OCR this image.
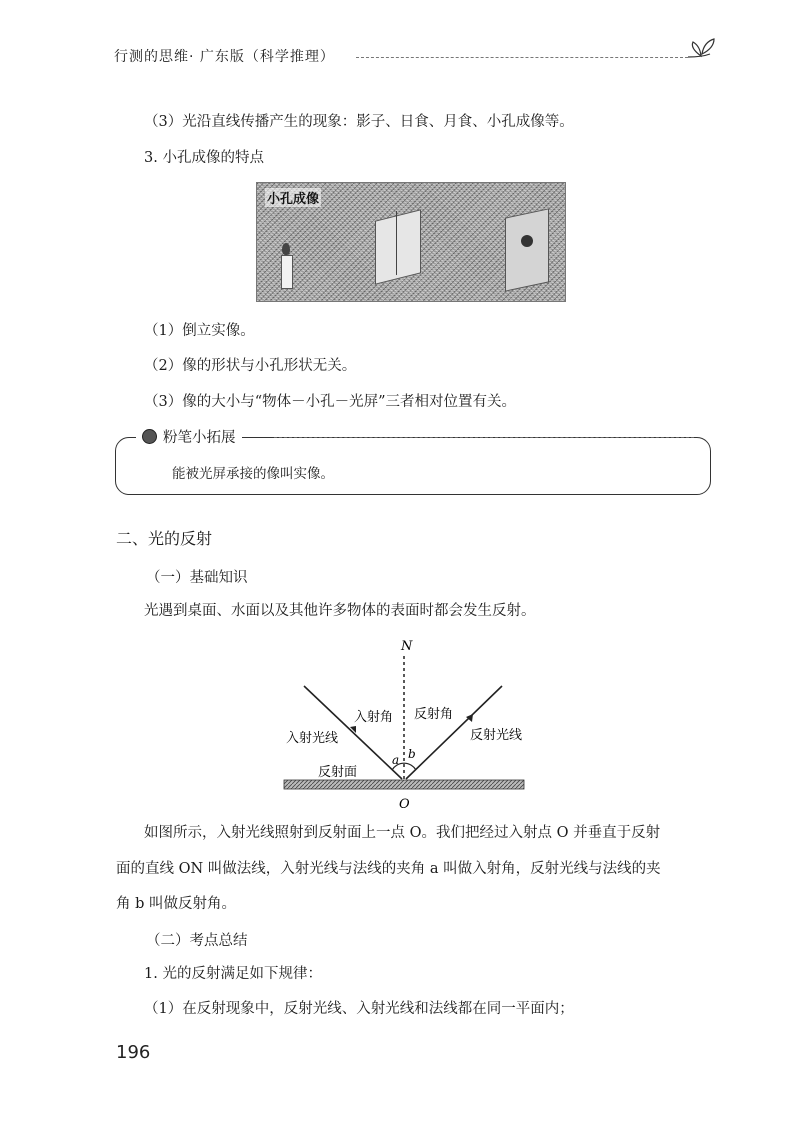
行测的思维· 广东版（科学推理）
（3）光沿直线传播产生的现象：影子、日食、月食、小孔成像等。
3. 小孔成像的特点
小孔成像
（1）倒立实像。
（2）像的形状与小孔形状无关。
（3）像的大小与“物体－小孔－光屏”三者相对位置有关。
粉笔小拓展
能被光屏承接的像叫实像。
二、光的反射
（一）基础知识
光遇到桌面、水面以及其他许多物体的表面时都会发生反射。
N
O
入射角 反射角
入射光线	反射光线
反射面
a b
如图所示，入射光线照射到反射面上一点 O。我们把经过入射点 O 并垂直于反射
面的直线 ON 叫做法线，入射光线与法线的夹角 a 叫做入射角，反射光线与法线的夹
角 b 叫做反射角。
（二）考点总结
1. 光的反射满足如下规律：
（1）在反射现象中，反射光线、入射光线和法线都在同一平面内；
196
